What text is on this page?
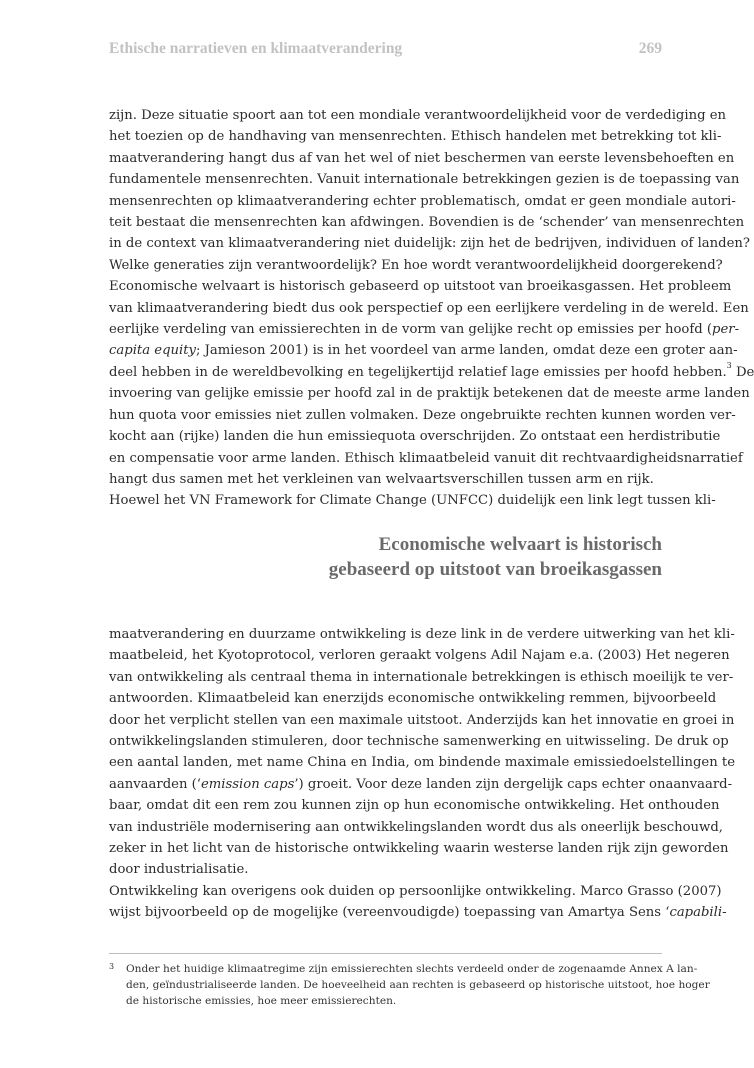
Ethische narratieven en klimaatverandering	269
zijn. Deze situatie spoort aan tot een mondiale verantwoordelijkheid voor de verdediging en
het toezien op de handhaving van mensenrechten. Ethisch handelen met betrekking tot kli-
maatverandering hangt dus af van het wel of niet beschermen van eerste levensbehoeften en
fundamentele mensenrechten. Vanuit internationale betrekkingen gezien is de toepassing van
mensenrechten op klimaatverandering echter problematisch, omdat er geen mondiale autori-
teit bestaat die mensenrechten kan afdwingen. Bovendien is de ‘schender’ van mensenrechten
in de context van klimaatverandering niet duidelijk: zijn het de bedrijven, individuen of landen?
Welke generaties zijn verantwoordelijk? En hoe wordt verantwoordelijkheid doorgerekend?
Economische welvaart is historisch gebaseerd op uitstoot van broeikasgassen. Het probleem
van klimaatverandering biedt dus ook perspectief op een eerlijkere verdeling in de wereld. Een
eerlijke verdeling van emissierechten in de vorm van gelijke recht op emissies per hoofd (per-
capita equity; Jamieson 2001) is in het voordeel van arme landen, omdat deze een groter aan-
deel hebben in de wereldbevolking en tegelijkertijd relatief lage emissies per hoofd hebben.$^3$ De
invoering van gelijke emissie per hoofd zal in de praktijk betekenen dat de meeste arme landen
hun quota voor emissies niet zullen volmaken. Deze ongebruikte rechten kunnen worden ver-
kocht aan (rijke) landen die hun emissiequota overschrijden. Zo ontstaat een herdistributie
en compensatie voor arme landen. Ethisch klimaatbeleid vanuit dit rechtvaardigheidsnarratief
hangt dus samen met het verkleinen van welvaartsverschillen tussen arm en rijk.
Hoewel het VN Framework for Climate Change (UNFCC) duidelijk een link legt tussen kli-
Economische welvaart is historisch
gebaseerd op uitstoot van broeikasgassen
maatverandering en duurzame ontwikkeling is deze link in de verdere uitwerking van het kli-
maatbeleid, het Kyotoprotocol, verloren geraakt volgens Adil Najam e.a. (2003) Het negeren
van ontwikkeling als centraal thema in internationale betrekkingen is ethisch moeilijk te ver-
antwoorden. Klimaatbeleid kan enerzijds economische ontwikkeling remmen, bijvoorbeeld
door het verplicht stellen van een maximale uitstoot. Anderzijds kan het innovatie en groei in
ontwikkelingslanden stimuleren, door technische samenwerking en uitwisseling. De druk op
een aantal landen, met name China en India, om bindende maximale emissiedoelstellingen te
aanvaarden (‘emission caps’) groeit. Voor deze landen zijn dergelijk caps echter onaanvaard-
baar, omdat dit een rem zou kunnen zijn op hun economische ontwikkeling. Het onthouden
van industriële modernisering aan ontwikkelingslanden wordt dus als oneerlijk beschouwd,
zeker in het licht van de historische ontwikkeling waarin westerse landen rijk zijn geworden
door industrialisatie.
Ontwikkeling kan overigens ook duiden op persoonlijke ontwikkeling. Marco Grasso (2007)
wijst bijvoorbeeld op de mogelijke (vereenvoudigde) toepassing van Amartya Sens ‘capabili-
3 Onder het huidige klimaatregime zijn emissierechten slechts verdeeld onder de zogenaamde Annex A lan-
den, geïndustrialiseerde landen. De hoeveelheid aan rechten is gebaseerd op historische uitstoot, hoe hoger
de historische emissies, hoe meer emissierechten.
